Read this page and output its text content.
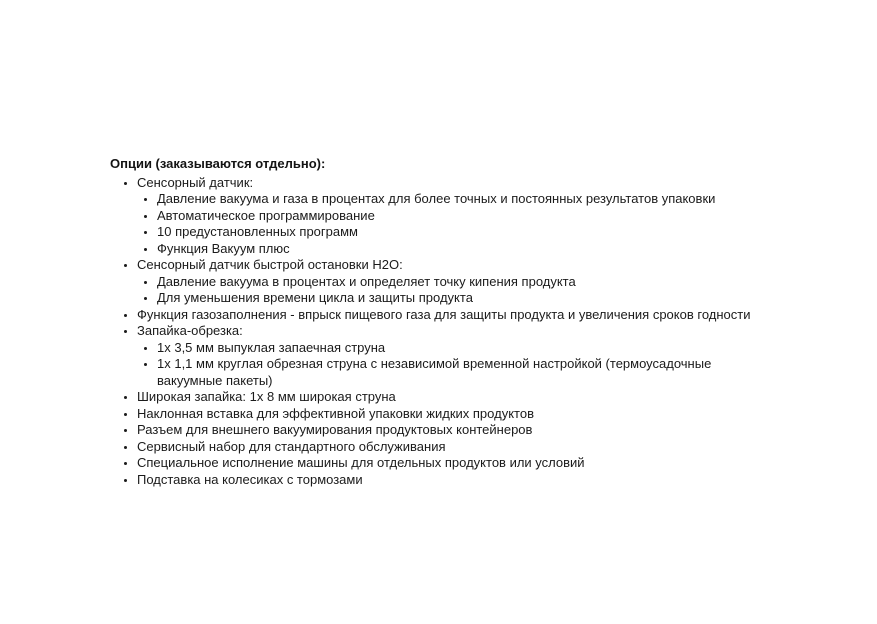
Опции (заказываются отдельно):

• Сенсорный датчик:
• Давление вакуума и газа в процентах для более точных и постоянных результатов упаковки
• Автоматическое программирование
• 10 предустановленных программ
• Функция Вакуум плюс
• Сенсорный датчик быстрой остановки H2O:
• Давление вакуума в процентах и определяет точку кипения продукта
• Для уменьшения времени цикла и защиты продукта
• Функция газозаполнения - впрыск пищевого газа для защиты продукта и увеличения сроков годности
• Запайка-обрезка:
• 1x 3,5 мм выпуклая запаечная струна
• 1x 1,1 мм круглая обрезная струна с независимой временной настройкой (термоусадочные вакуумные пакеты)
• Широкая запайка: 1x 8 мм широкая струна
• Наклонная вставка для эффективной упаковки жидких продуктов
• Разъем для внешнего вакуумирования продуктовых контейнеров
• Сервисный набор для стандартного обслуживания
• Специальное исполнение машины для отдельных продуктов или условий
• Подставка на колесиках с тормозами
